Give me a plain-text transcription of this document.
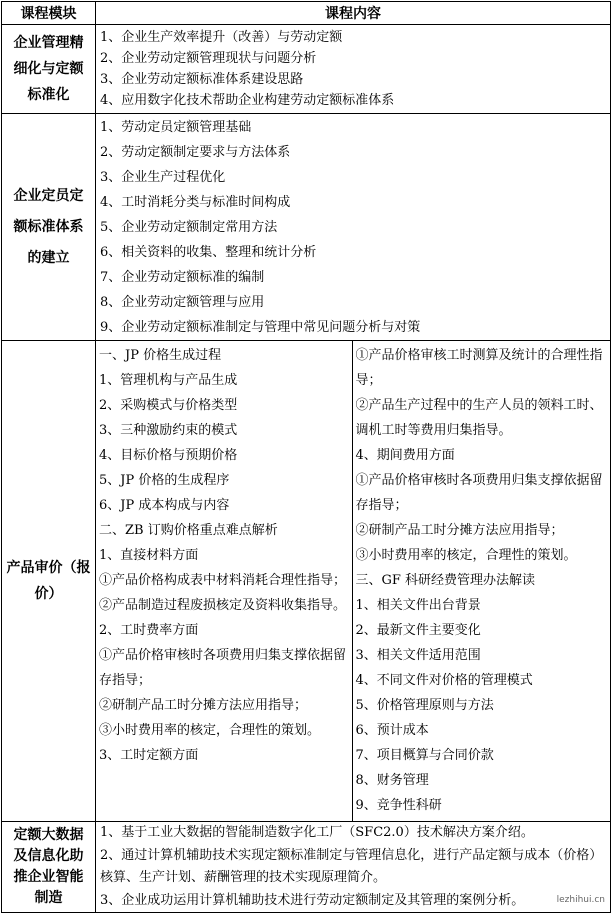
课程模块	课程内容

企业管理精
细化与定额
标准化

1、企业生产效率提升（改善）与劳动定额
2、企业劳动定额管理现状与问题分析
3、企业劳动定额标准体系建设思路
4、应用数字化技术帮助企业构建劳动定额标准体系

企业定员定
额标准体系
的建立

1、劳动定员定额管理基础
2、劳动定额制定要求与方法体系
3、企业生产过程优化
4、工时消耗分类与标准时间构成
5、企业劳动定额制定常用方法
6、相关资料的收集、整理和统计分析
7、企业劳动定额标准的编制
8、企业劳动定额管理与应用
9、企业劳动定额标准制定与管理中常见问题分析与对策

产品审价（报
价）

一、JP 价格生成过程
1、管理机构与产品生成
2、采购模式与价格类型
3、三种激励约束的模式
4、目标价格与预期价格
5、JP 价格的生成程序
6、JP 成本构成与内容
二、ZB 订购价格重点难点解析
1、直接材料方面
①产品价格构成表中材料消耗合理性指导；
②产品制造过程废损核定及资料收集指导。
2、工时费率方面
①产品价格审核时各项费用归集支撑依据留存指导；
②研制产品工时分摊方法应用指导；
③小时费用率的核定，合理性的策划。
3、工时定额方面

①产品价格审核工时测算及统计的合理性指导；
②产品生产过程中的生产人员的领料工时、调机工时等费用归集指导。
4、期间费用方面
①产品价格审核时各项费用归集支撑依据留存指导；
②研制产品工时分摊方法应用指导；
③小时费用率的核定，合理性的策划。
三、GF 科研经费管理办法解读
1、相关文件出台背景
2、最新文件主要变化
3、相关文件适用范围
4、不同文件对价格的管理模式
5、价格管理原则与方法
6、预计成本
7、项目概算与合同价款
8、财务管理
9、竞争性科研

定额大数据
及信息化助
推企业智能
制造

1、基于工业大数据的智能制造数字化工厂（SFC2.0）技术解决方案介绍。
2、通过计算机辅助技术实现定额标准制定与管理信息化，进行产品定额与成本（价格）核算、生产计划、薪酬管理的技术实现原理简介。
3、企业成功运用计算机辅助技术进行劳动定额制定及其管理的案例分析。	lezhihui.cn
